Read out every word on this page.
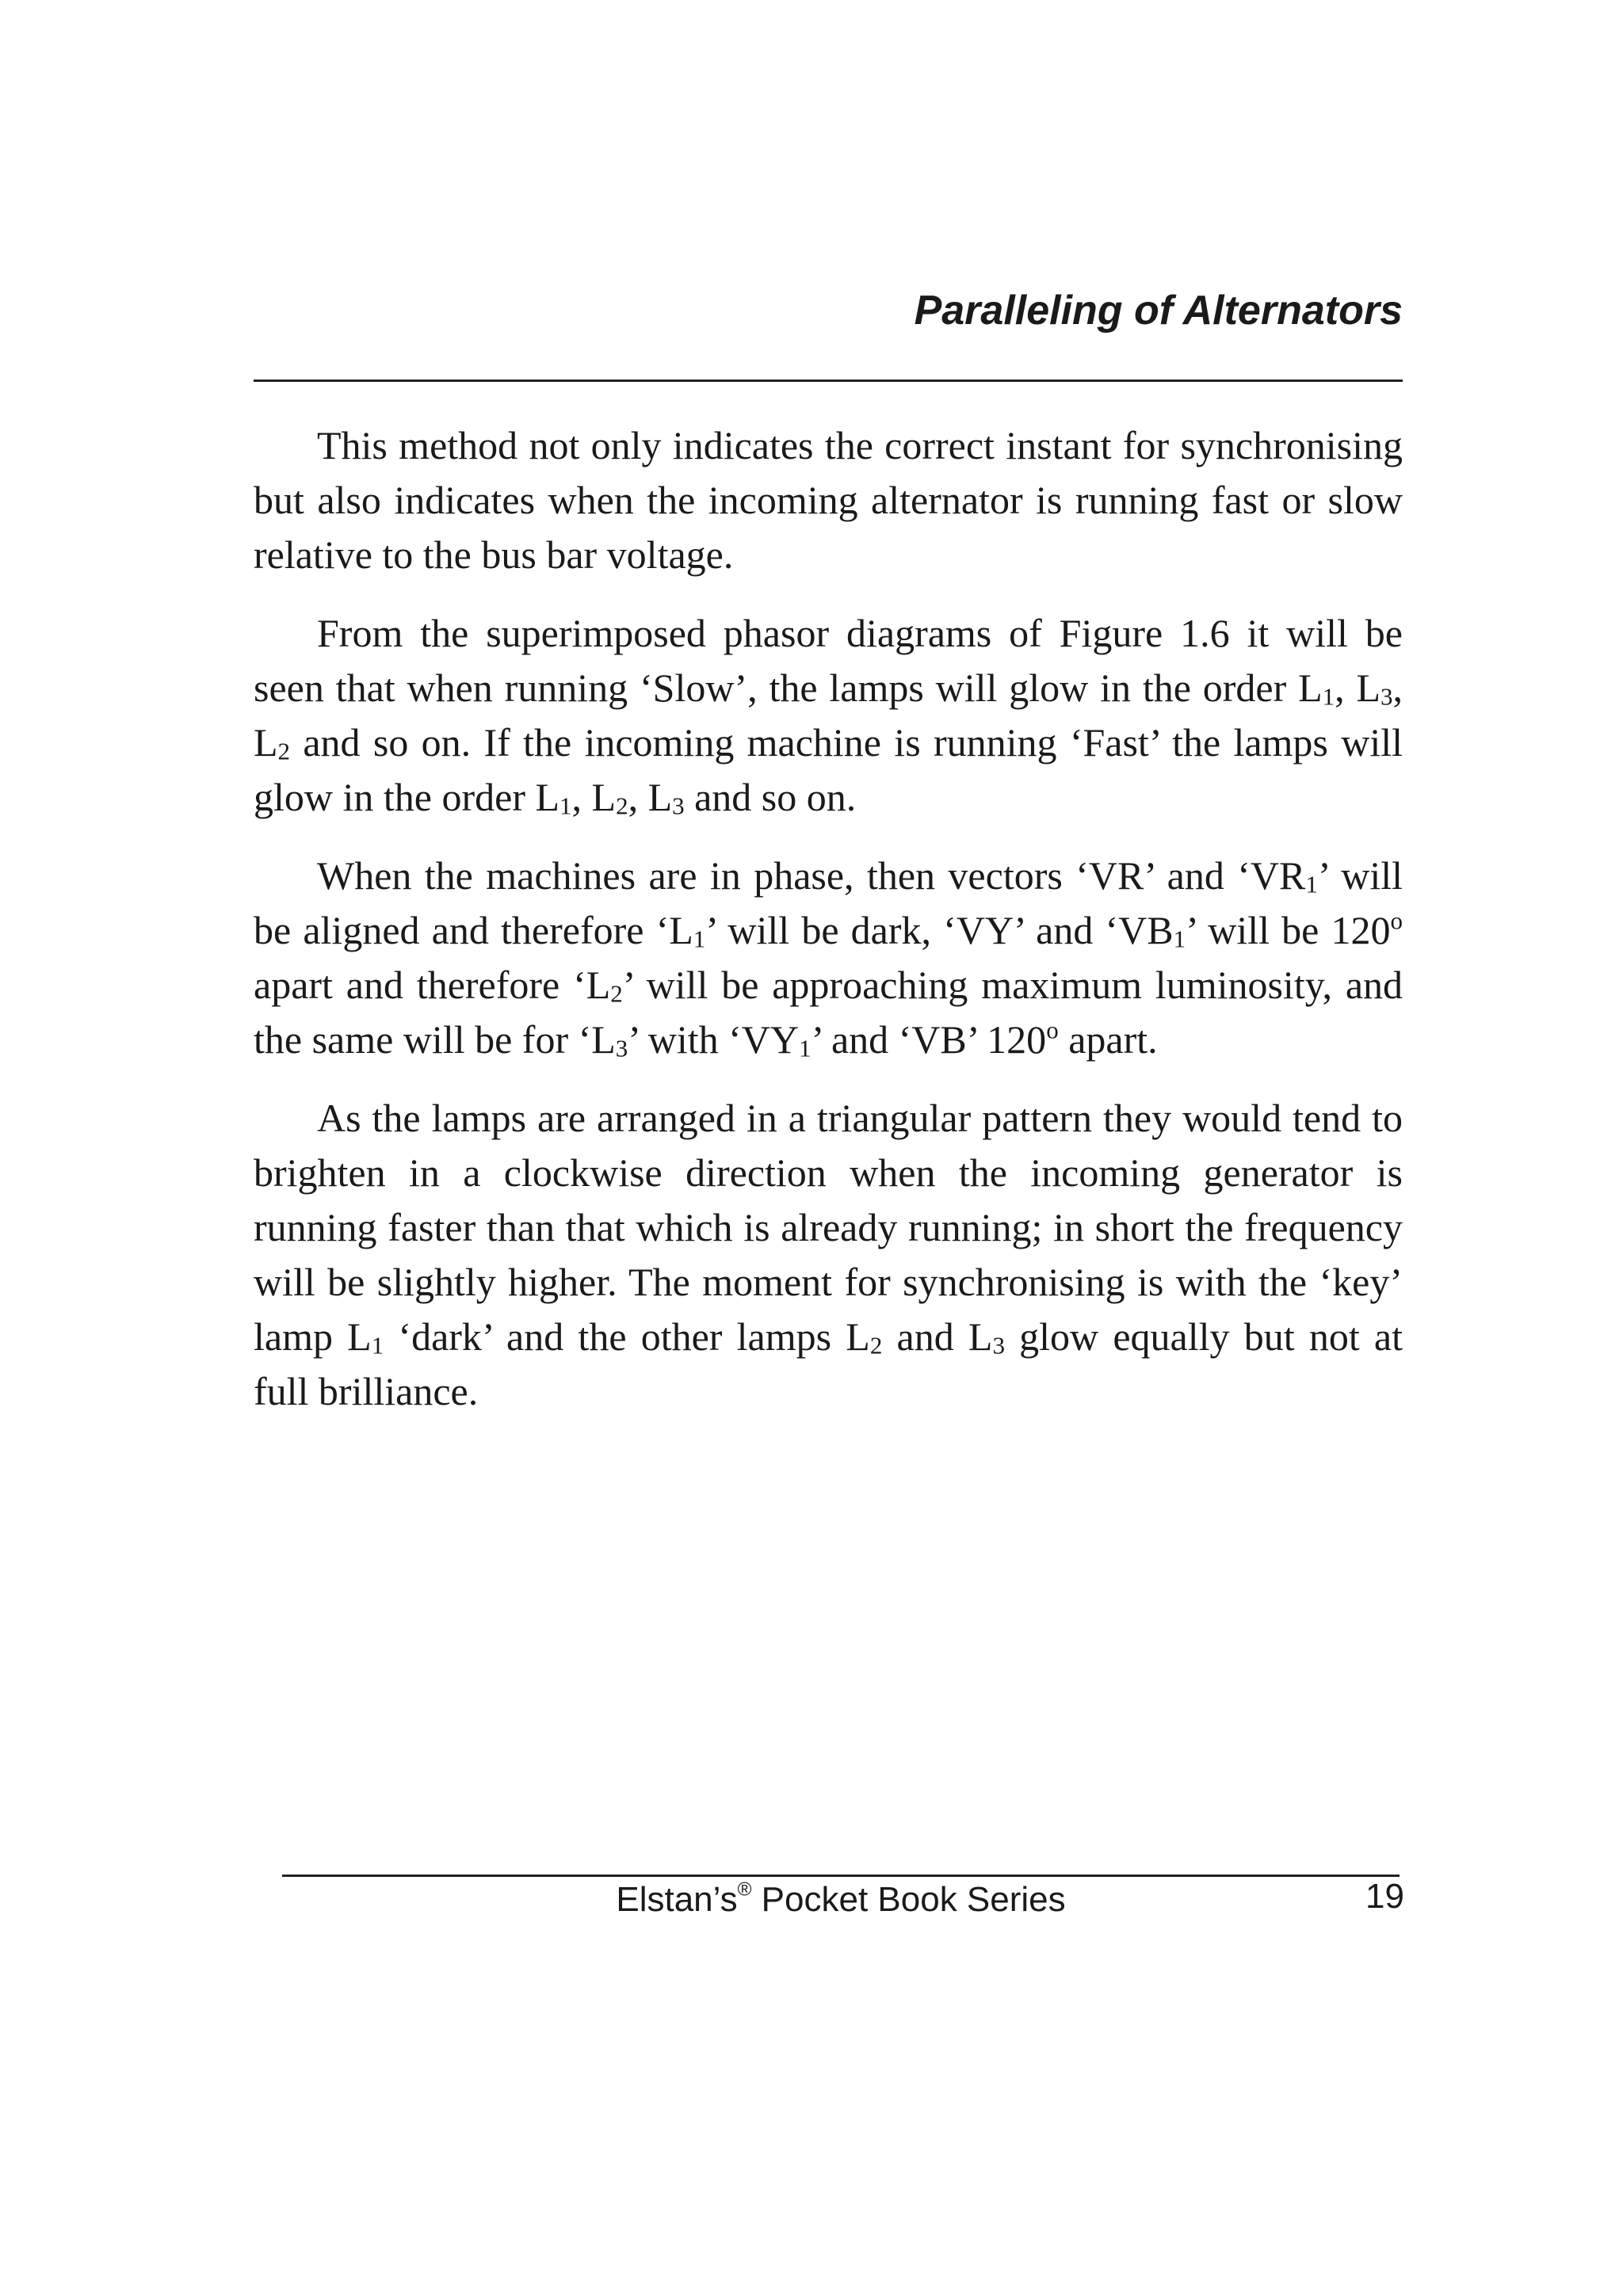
Paralleling of Alternators

This method not only indicates the correct instant for synchronising but also indicates when the incoming alternator is running fast or slow relative to the bus bar voltage.

From the superimposed phasor diagrams of Figure 1.6 it will be seen that when running ‘Slow’, the lamps will glow in the order $L_1$, $L_3$, $L_2$ and so on. If the incoming machine is running ‘Fast’ the lamps will glow in the order $L_1$, $L_2$, $L_3$ and so on.

When the machines are in phase, then vectors ‘VR’ and ‘$VR_1$’ will be aligned and therefore ‘$L_1$’ will be dark, ‘VY’ and ‘$VB_1$’ will be 120$^o$ apart and therefore ‘$L_2$’ will be approaching maximum luminosity, and the same will be for ‘$L_3$’ with ‘$VY_1$’ and ‘VB’ 120$^o$ apart.

As the lamps are arranged in a triangular pattern they would tend to brighten in a clockwise direction when the incoming generator is running faster than that which is already running; in short the frequency will be slightly higher. The moment for synchronising is with the ‘key’ lamp $L_1$ ‘dark’ and the other lamps $L_2$ and $L_3$ glow equally but not at full brilliance.

Elstan’s® Pocket Book Series	19
